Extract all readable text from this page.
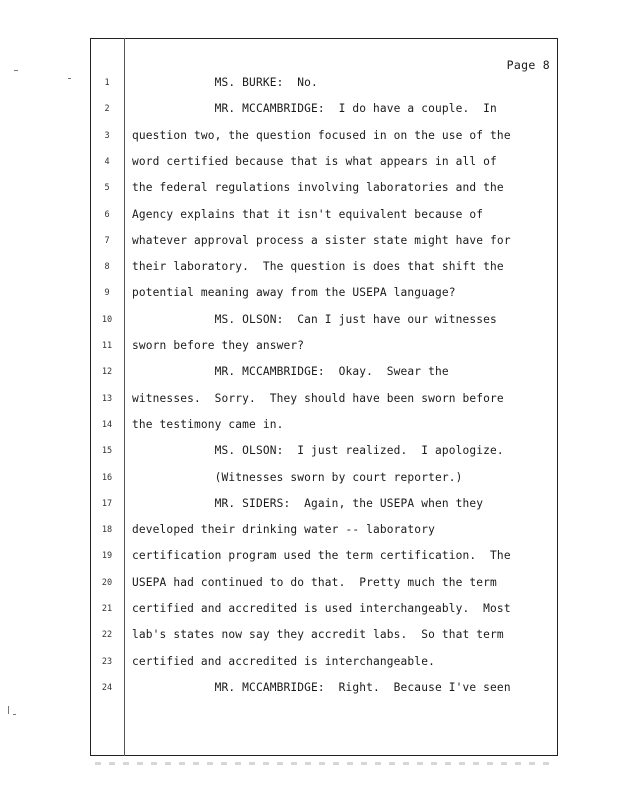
Page 8
1	MS. BURKE:  No.
2	MR. MCCAMBRIDGE:  I do have a couple.  In
3	question two, the question focused in on the use of the
4	word certified because that is what appears in all of
5	the federal regulations involving laboratories and the
6	Agency explains that it isn't equivalent because of
7	whatever approval process a sister state might have for
8	their laboratory.  The question is does that shift the
9	potential meaning away from the USEPA language?
10 MS. OLSON:  Can I just have our witnesses
11 sworn before they answer?
12 MR. MCCAMBRIDGE:  Okay.  Swear the
13 witnesses.  Sorry.  They should have been sworn before
14 the testimony came in.
15 MS. OLSON:  I just realized.  I apologize.
16 (Witnesses sworn by court reporter.)
17 MR. SIDERS:  Again, the USEPA when they
18 developed their drinking water -- laboratory
19 certification program used the term certification.  The
20 USEPA had continued to do that.  Pretty much the term
21 certified and accredited is used interchangeably.  Most
22 lab's states now say they accredit labs.  So that term
23 certified and accredited is interchangeable.
24 MR. MCCAMBRIDGE:  Right.  Because I've seen
